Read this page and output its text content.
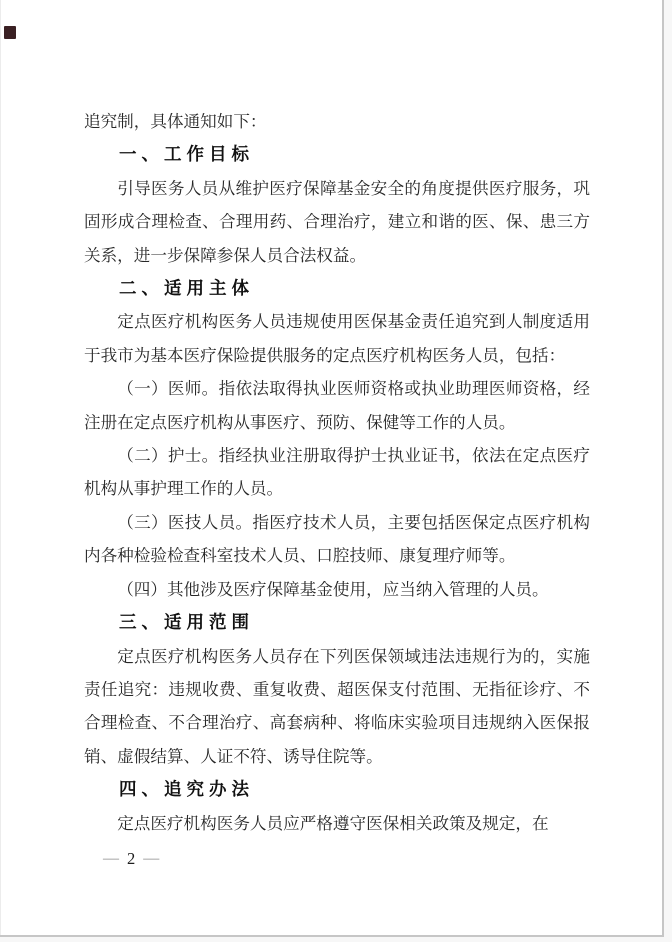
追究制，具体通知如下：

一、工作目标

引导医务人员从维护医疗保障基金安全的角度提供医疗服务，巩固形成合理检查、合理用药、合理治疗，建立和谐的医、保、患三方关系，进一步保障参保人员合法权益。

二、适用主体

定点医疗机构医务人员违规使用医保基金责任追究到人制度适用于我市为基本医疗保险提供服务的定点医疗机构医务人员，包括：

（一）医师。指依法取得执业医师资格或执业助理医师资格，经注册在定点医疗机构从事医疗、预防、保健等工作的人员。

（二）护士。指经执业注册取得护士执业证书，依法在定点医疗机构从事护理工作的人员。

（三）医技人员。指医疗技术人员，主要包括医保定点医疗机构内各种检验检查科室技术人员、口腔技师、康复理疗师等。

（四）其他涉及医疗保障基金使用，应当纳入管理的人员。

三、适用范围

定点医疗机构医务人员存在下列医保领域违法违规行为的，实施责任追究：违规收费、重复收费、超医保支付范围、无指征诊疗、不合理检查、不合理治疗、高套病种、将临床实验项目违规纳入医保报销、虚假结算、人证不符、诱导住院等。

四、追究办法

定点医疗机构医务人员应严格遵守医保相关政策及规定，在

— 2 —
